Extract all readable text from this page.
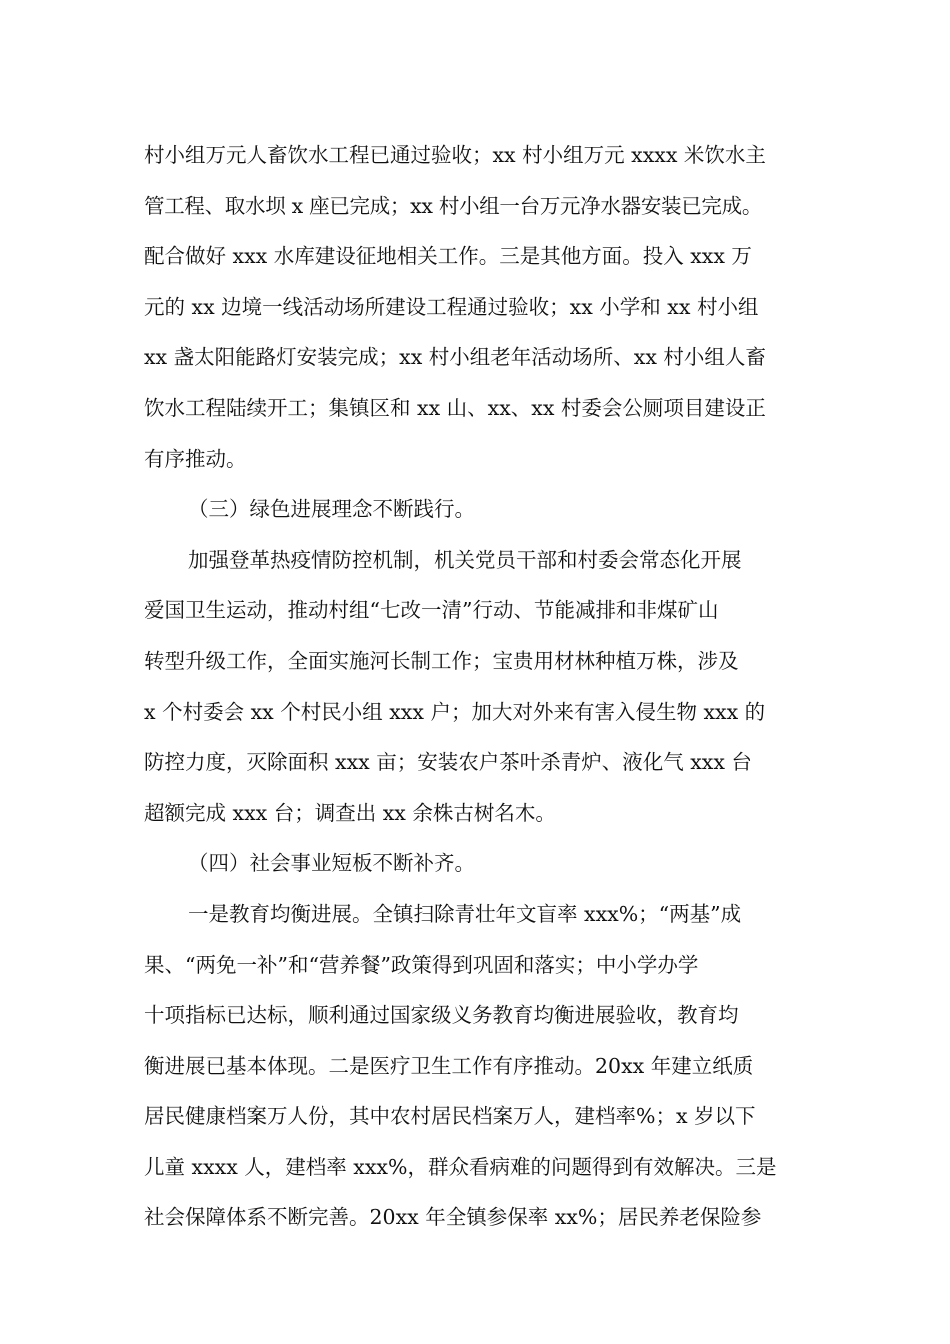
村小组万元人畜饮水工程已通过验收；xx 村小组万元 xxxx 米饮水主
管工程、取水坝 x 座已完成；xx 村小组一台万元净水器安装已完成。
配合做好 xxx 水库建设征地相关工作。三是其他方面。投入 xxx 万
元的 xx 边境一线活动场所建设工程通过验收；xx 小学和 xx 村小组
xx 盏太阳能路灯安装完成；xx 村小组老年活动场所、xx 村小组人畜
饮水工程陆续开工；集镇区和 xx 山、xx、xx 村委会公厕项目建设正
有序推动。
（三）绿色进展理念不断践行。
加强登革热疫情防控机制，机关党员干部和村委会常态化开展
爱国卫生运动，推动村组“七改一清”行动、节能减排和非煤矿山
转型升级工作，全面实施河长制工作；宝贵用材林种植万株，涉及
x 个村委会 xx 个村民小组 xxx 户；加大对外来有害入侵生物 xxx 的
防控力度，灭除面积 xxx 亩；安装农户茶叶杀青炉、液化气 xxx 台
超额完成 xxx 台；调查出 xx 余株古树名木。
（四）社会事业短板不断补齐。
一是教育均衡进展。全镇扫除青壮年文盲率 xxx%；“两基”成
果、“两免一补”和“营养餐”政策得到巩固和落实；中小学办学
十项指标已达标，顺利通过国家级义务教育均衡进展验收，教育均
衡进展已基本体现。二是医疗卫生工作有序推动。20xx 年建立纸质
居民健康档案万人份，其中农村居民档案万人，建档率%；x 岁以下
儿童 xxxx 人，建档率 xxx%，群众看病难的问题得到有效解决。三是
社会保障体系不断完善。20xx 年全镇参保率 xx%；居民养老保险参
